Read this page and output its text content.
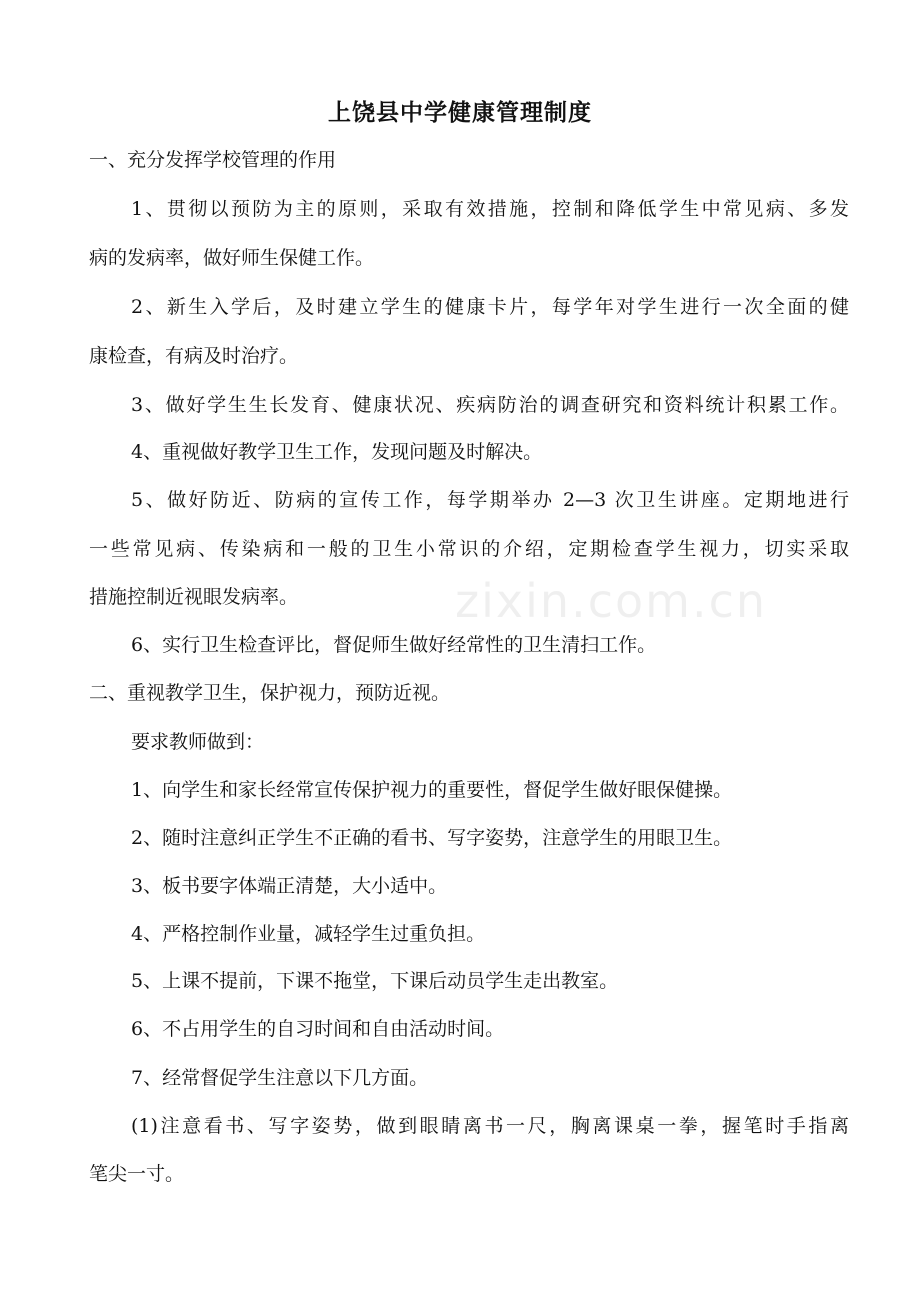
zixin.com.cn
上饶县中学健康管理制度
一、充分发挥学校管理的作用
1、贯彻以预防为主的原则，采取有效措施，控制和降低学生中常见病、多发
病的发病率，做好师生保健工作。
2、新生入学后，及时建立学生的健康卡片，每学年对学生进行一次全面的健
康检查，有病及时治疗。
3、做好学生生长发育、健康状况、疾病防治的调查研究和资料统计积累工作。
4、重视做好教学卫生工作，发现问题及时解决。
5、做好防近、防病的宣传工作，每学期举办 2—3 次卫生讲座。定期地进行
一些常见病、传染病和一般的卫生小常识的介绍，定期检查学生视力，切实采取
措施控制近视眼发病率。
6、实行卫生检查评比，督促师生做好经常性的卫生清扫工作。
二、重视教学卫生，保护视力，预防近视。
要求教师做到：
1、向学生和家长经常宣传保护视力的重要性，督促学生做好眼保健操。
2、随时注意纠正学生不正确的看书、写字姿势，注意学生的用眼卫生。
3、板书要字体端正清楚，大小适中。
4、严格控制作业量，减轻学生过重负担。
5、上课不提前，下课不拖堂，下课后动员学生走出教室。
6、不占用学生的自习时间和自由活动时间。
7、经常督促学生注意以下几方面。
(1)注意看书、写字姿势，做到眼睛离书一尺，胸离课桌一拳，握笔时手指离
笔尖一寸。
